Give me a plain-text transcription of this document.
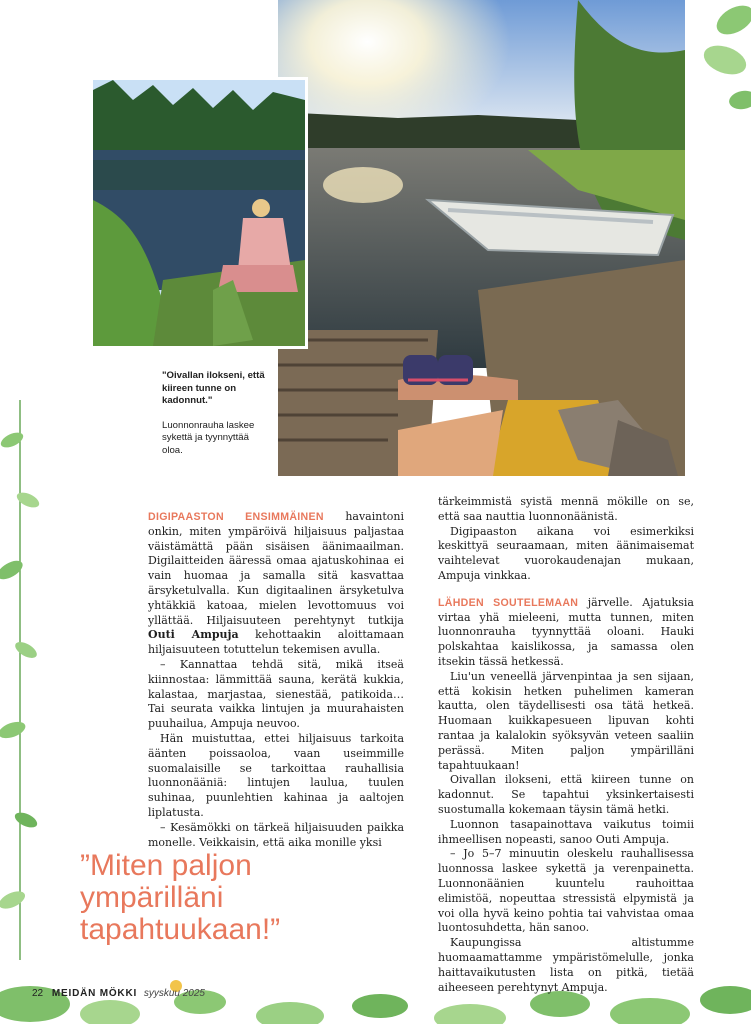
"Oivallan ilokseni, että kiireen tunne on kadonnut."

Luonnonrauha laskee sykettä ja tyynnyttää oloa.

DIGIPAASTON ENSIMMÄINEN havaintoni onkin, miten ympäröivä hiljaisuus paljastaa väistämättä pään sisäisen äänimaailman. Digilaitteiden ääressä omaa ajatuskohinaa ei vain huomaa ja samalla sitä kasvattaa ärsyketulvalla. Kun digitaalinen ärsyketulva yhtäkkiä katoaa, mielen levottomuus voi yllättää. Hiljaisuuteen perehtynyt tutkija Outi Ampuja kehottaakin aloittamaan hiljaisuuteen totuttelun tekemisen avulla.

– Kannattaa tehdä sitä, mikä itseä kiinnostaa: lämmittää sauna, kerätä kukkia, kalastaa, marjastaa, sienestää, patikoida… Tai seurata vaikka lintujen ja muurahaisten puuhailua, Ampuja neuvoo.

Hän muistuttaa, ettei hiljaisuus tarkoita äänten poissaoloa, vaan useimmille suomalaisille se tarkoittaa rauhallisia luonnonääniä: lintujen laulua, tuulen suhinaa, puunlehtien kahinaa ja aaltojen liplatusta.

– Kesämökki on tärkeä hiljaisuuden paikka monelle. Veikkaisin, että aika monille yksi

tärkeimmistä syistä mennä mökille on se, että saa nauttia luonnonäänistä.

Digipaaston aikana voi esimerkiksi keskittyä seuraamaan, miten äänimaisemat vaihtelevat vuorokaudenajan mukaan, Ampuja vinkkaa.

LÄHDEN SOUTELEMAAN järvelle. Ajatuksia virtaa yhä mieleeni, mutta tunnen, miten luonnonrauha tyynnyttää oloani. Hauki polskahtaa kaislikossa, ja samassa olen itsekin tässä hetkessä.

Liu'un veneellä järvenpintaa ja sen sijaan, että kokisin hetken puhelimen kameran kautta, olen täydellisesti osa tätä hetkeä. Huomaan kuikkapesueen lipuvan kohti rantaa ja kalalokin syöksyvän veteen saaliin perässä. Miten paljon ympärilläni tapahtuukaan!

Oivallan ilokseni, että kiireen tunne on kadonnut. Se tapahtui yksinkertaisesti suostumalla kokemaan täysin tämä hetki.

Luonnon tasapainottava vaikutus toimii ihmeellisen nopeasti, sanoo Outi Ampuja.

– Jo 5–7 minuutin oleskelu rauhallisessa luonnossa laskee sykettä ja verenpainetta. Luonnonäänien kuuntelu rauhoittaa elimistöä, nopeuttaa stressistä elpymistä ja voi olla hyvä keino pohtia tai vahvistaa omaa luontosuhdetta, hän sanoo.

Kaupungissa altistumme huomaamattamme ympäristömelulle, jonka haittavaikutusten lista on pitkä, tietää aiheeseen perehtynyt Ampuja.

”Miten paljon ympärilläni tapahtuukaan!”
22 MEIDÄN MÖKKI syyskuu 2025
